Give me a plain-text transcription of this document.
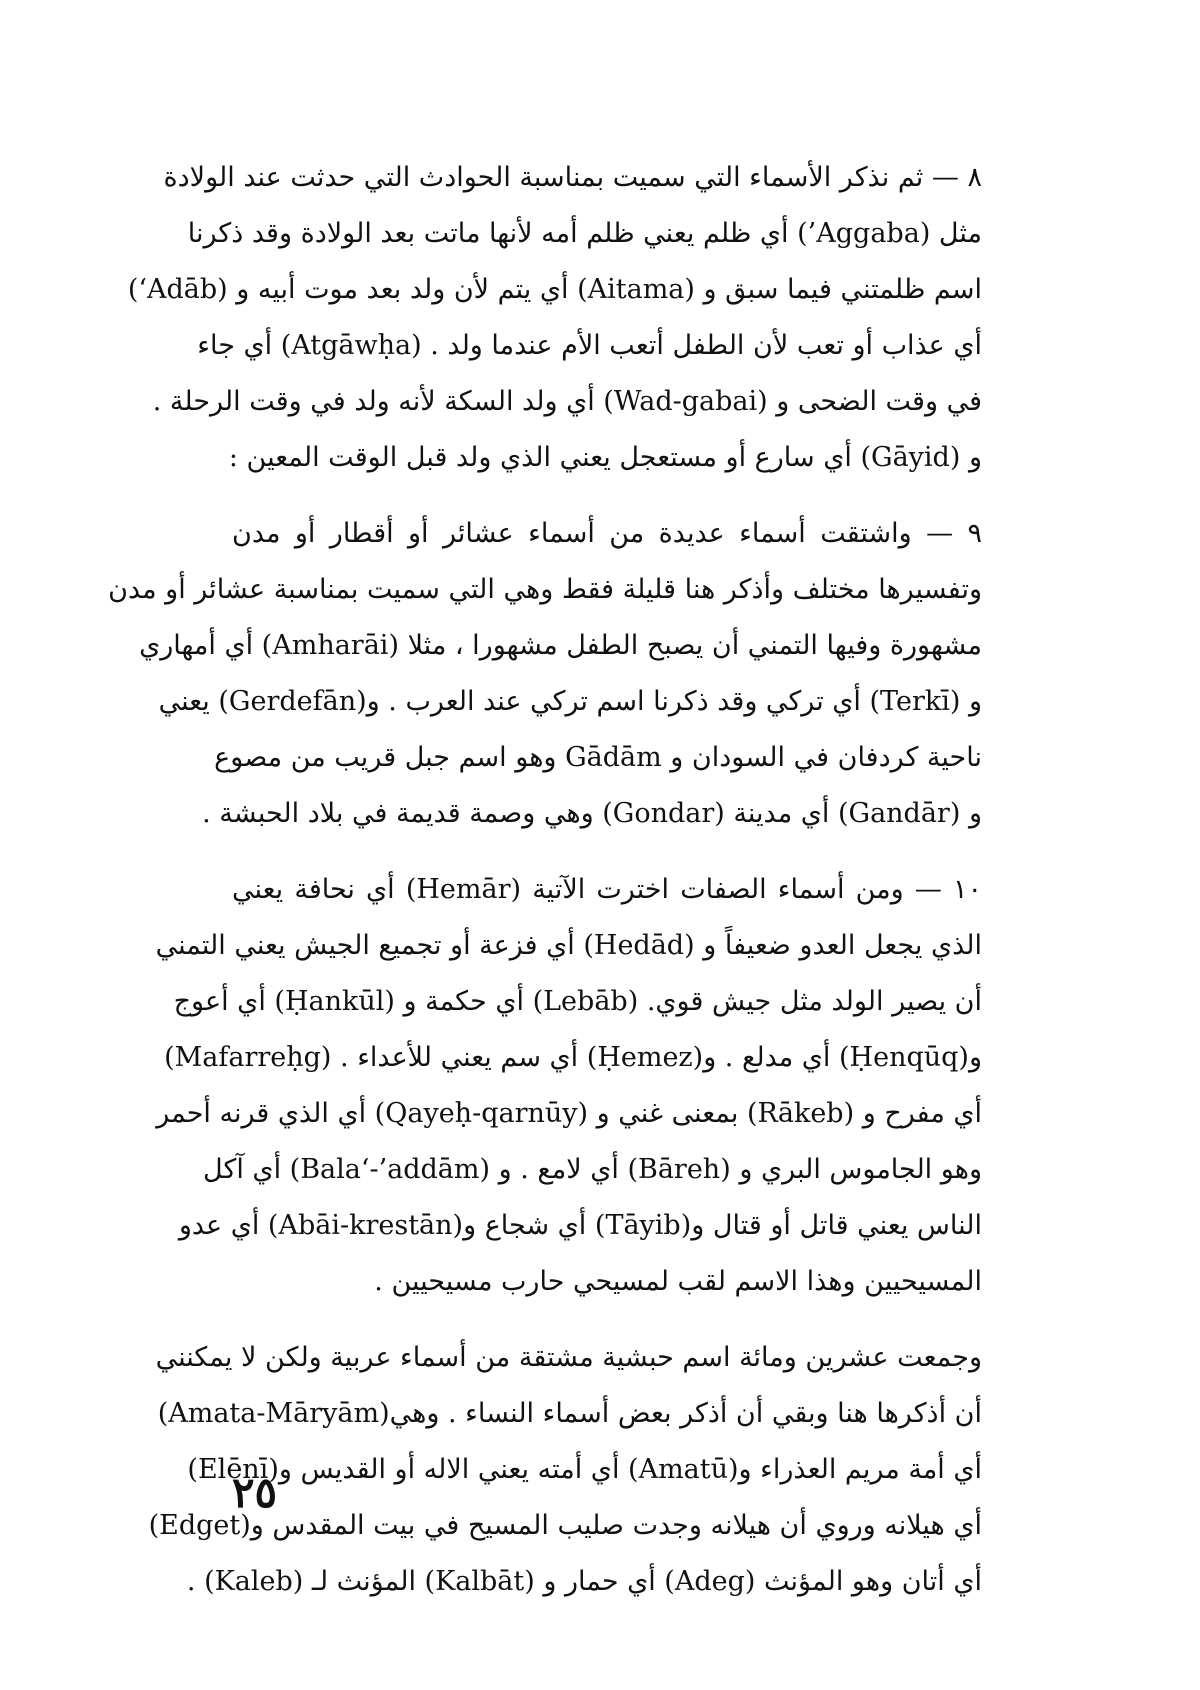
٨ — ثم نذكر الأسماء التي سميت بمناسبة الحوادث التي حدثت عند الولادة
مثل (Aggaba’) أي ظلم يعني ظلم أمه لأنها ماتت بعد الولادة وقد ذكرنا
اسم ظلمتني فيما سبق و (Aitama) أي يتم لأن ولد بعد موت أبيه و (Adāb‘)
أي عذاب أو تعب لأن الطفل أتعب الأم عندما ولد . (Atgāwḥa) أي جاء
في وقت الضحى و (Wad-gabai) أي ولد السكة لأنه ولد في وقت الرحلة .
و (Gāyid) أي سارع أو مستعجل يعني الذي ولد قبل الوقت المعين :
٩ — واشتقت أسماء عديدة من أسماء عشائر أو أقطار أو مدن
وتفسيرها مختلف وأذكر هنا قليلة فقط وهي التي سميت بمناسبة عشائر أو مدن
مشهورة وفيها التمني أن يصبح الطفل مشهورا ، مثلا (Amharāi) أي أمهاري
و (Terkī) أي تركي وقد ذكرنا اسم تركي عند العرب . و(Gerdefān) يعني
ناحية كردفان في السودان و Gādām وهو اسم جبل قريب من مصوع
و (Gandār) أي مدينة (Gondar) وهي وصمة قديمة في بلاد الحبشة .
١٠ — ومن أسماء الصفات اخترت الآتية (Hemār) أي نحافة يعني
الذي يجعل العدو ضعيفاً و (Hedād) أي فزعة أو تجميع الجيش يعني التمني
أن يصير الولد مثل جيش قوي. (Lebāb) أي حكمة و (Ḥankūl) أي أعوج
و(Ḥenqūq) أي مدلع . و(Ḥemez) أي سم يعني للأعداء . (Mafarreḥg)
أي مفرح و (Rākeb) بمعنى غني و (Qayeḥ-qarnūy) أي الذي قرنه أحمر
وهو الجاموس البري و (Bāreh) أي لامع . و (Bala‘-’addām) أي آكل
الناس يعني قاتل أو قتال و(Tāyib) أي شجاع و(Abāi-krestān) أي عدو
المسيحيين وهذا الاسم لقب لمسيحي حارب مسيحيين .
وجمعت عشرين ومائة اسم حبشية مشتقة من أسماء عربية ولكن لا يمكنني
أن أذكرها هنا وبقي أن أذكر بعض أسماء النساء . وهي(Amata-Māryām)
أي أمة مريم العذراء و(Amatū) أي أمته يعني الاله أو القديس و(Elēnī)
أي هيلانه وروي أن هيلانه وجدت صليب المسيح في بيت المقدس و(Edget)
أي أتان وهو المؤنث (Adeg) أي حمار و (Kalbāt) المؤنث لـ (Kaleb) .
٢٥
